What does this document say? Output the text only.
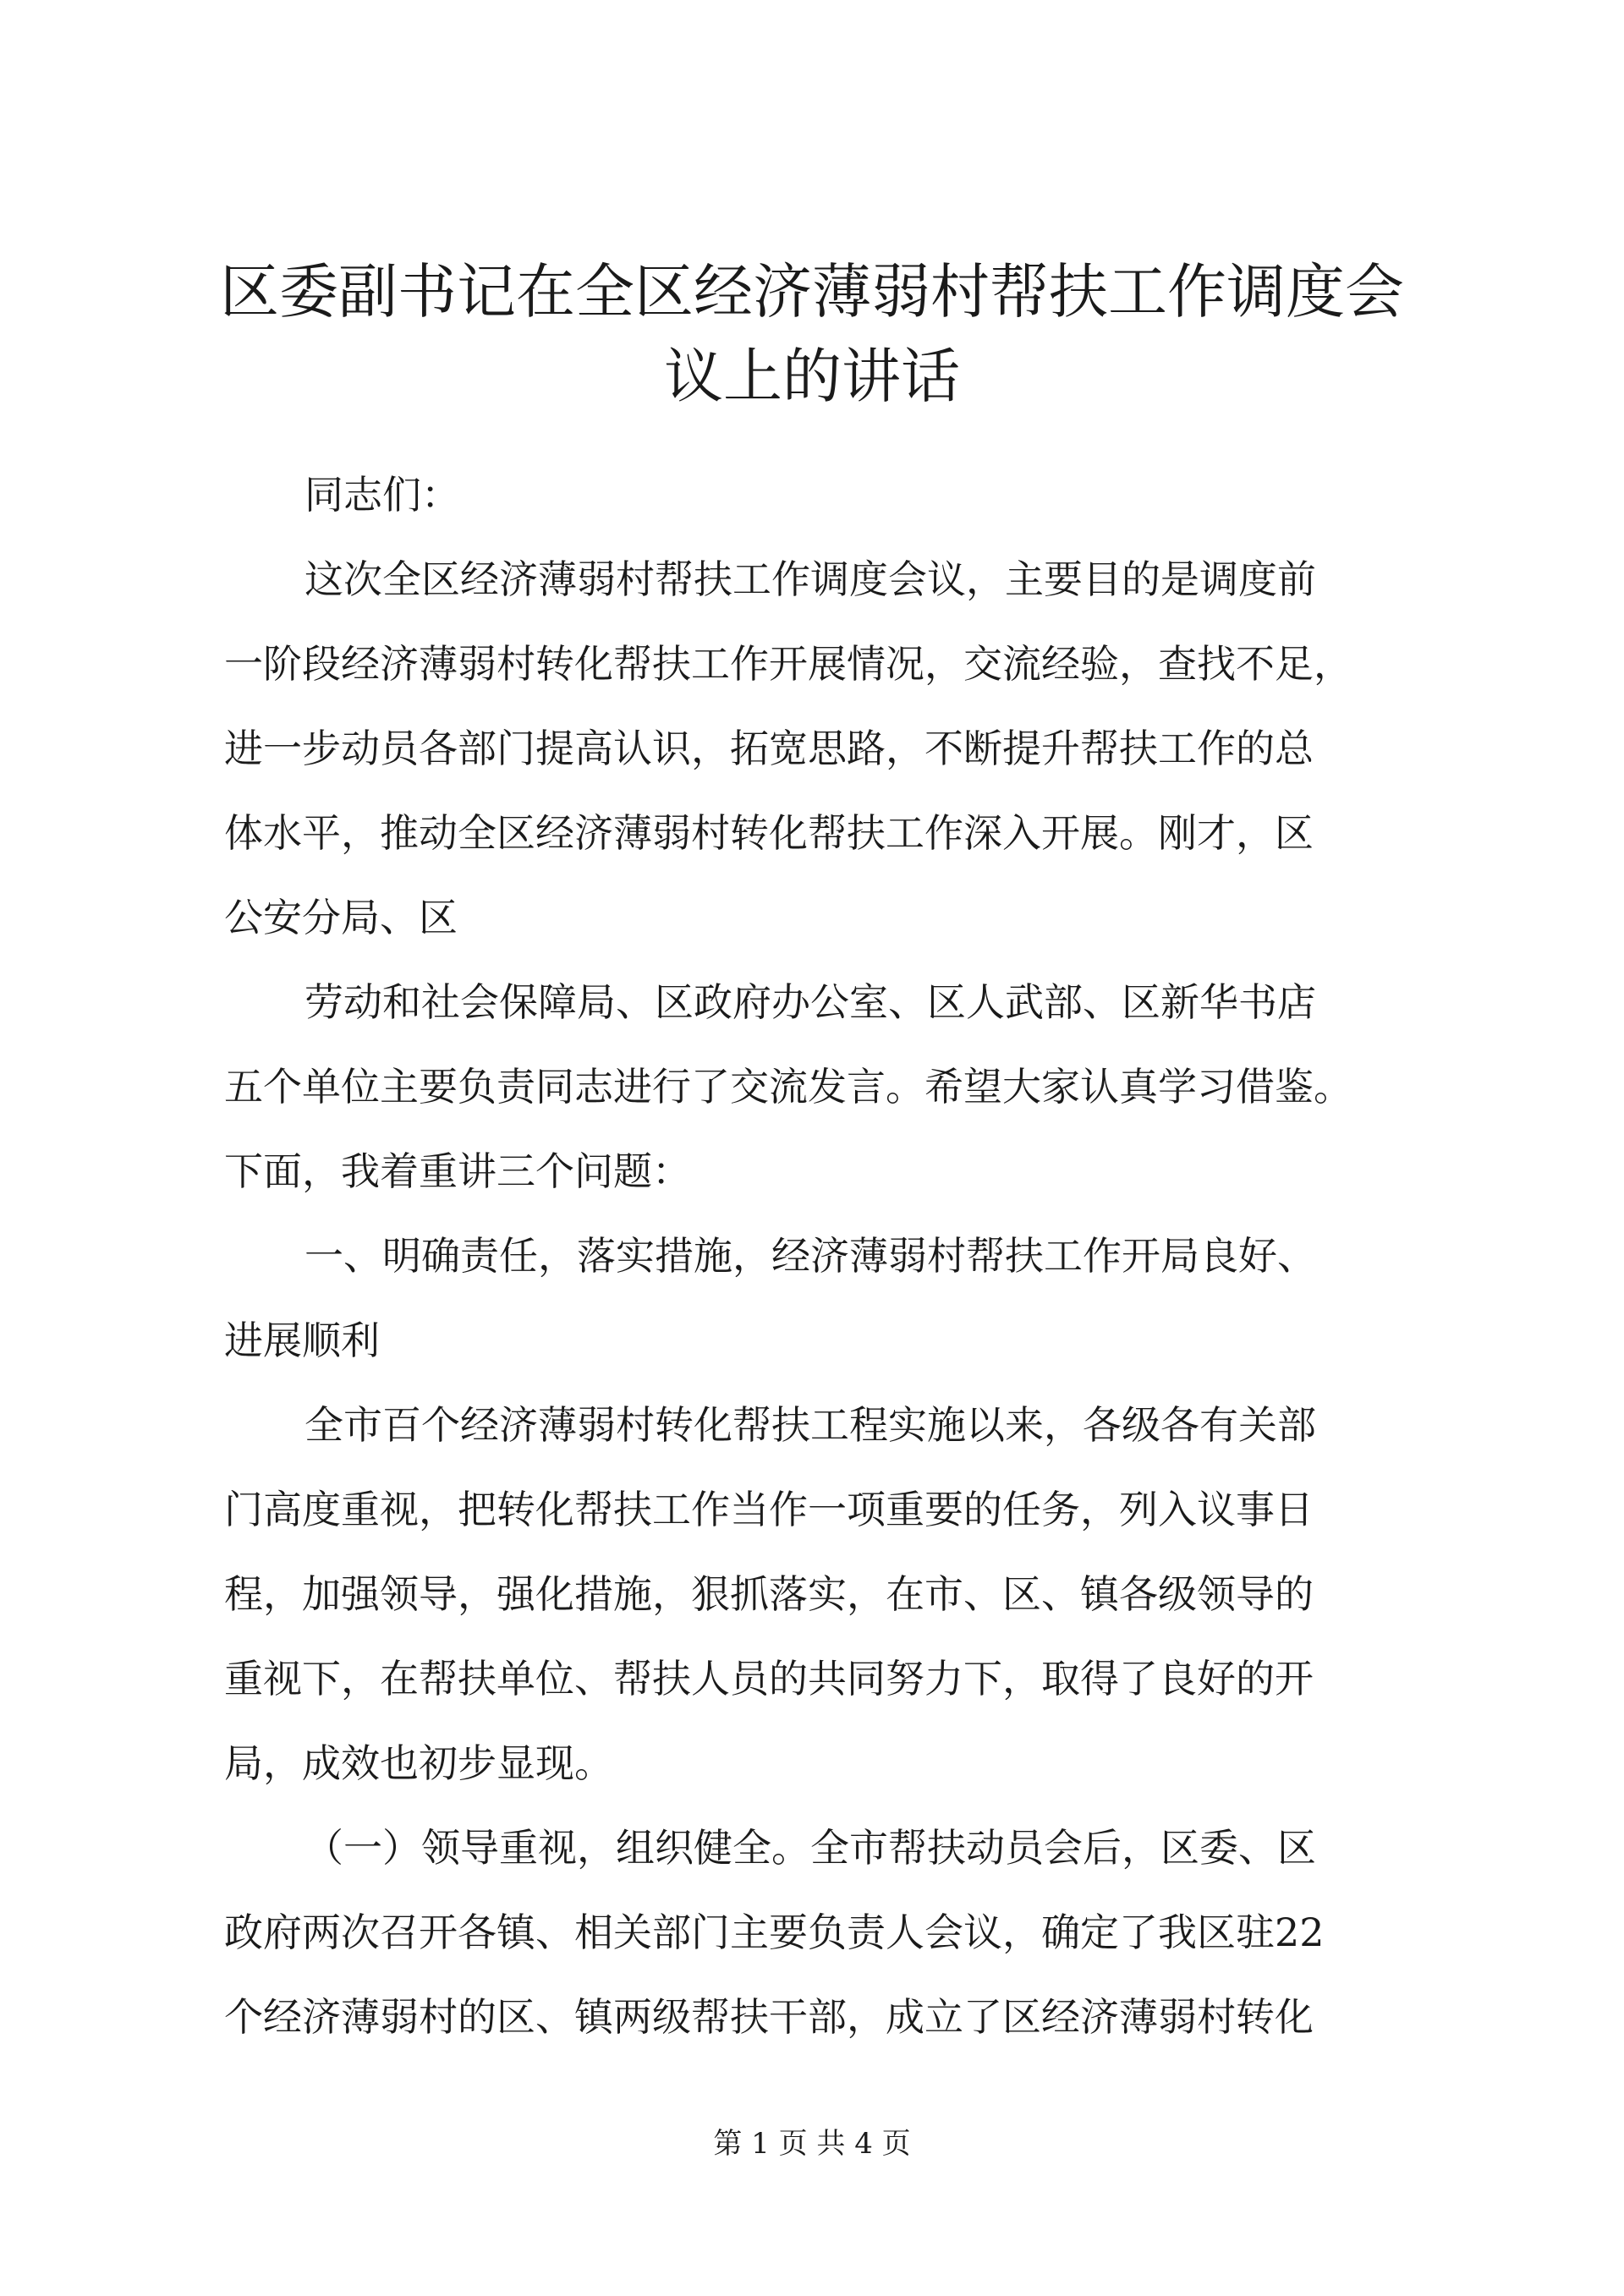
区委副书记在全区经济薄弱村帮扶工作调度会
议上的讲话

同志们：

这次全区经济薄弱村帮扶工作调度会议，主要目的是调度前

一阶段经济薄弱村转化帮扶工作开展情况，交流经验，查找不足，

进一步动员各部门提高认识，拓宽思路，不断提升帮扶工作的总

体水平，推动全区经济薄弱村转化帮扶工作深入开展。刚才，区

公安分局、区

劳动和社会保障局、区政府办公室、区人武部、区新华书店

五个单位主要负责同志进行了交流发言。希望大家认真学习借鉴。

下面，我着重讲三个问题：

一、明确责任，落实措施，经济薄弱村帮扶工作开局良好、

进展顺利

全市百个经济薄弱村转化帮扶工程实施以来，各级各有关部

门高度重视，把转化帮扶工作当作一项重要的任务，列入议事日

程，加强领导，强化措施，狠抓落实，在市、区、镇各级领导的

重视下，在帮扶单位、帮扶人员的共同努力下，取得了良好的开

局，成效也初步显现。

（一）领导重视，组织健全。全市帮扶动员会后，区委、区

政府两次召开各镇、相关部门主要负责人会议，确定了我区驻22

个经济薄弱村的区、镇两级帮扶干部，成立了区经济薄弱村转化

第 1 页 共 4 页
